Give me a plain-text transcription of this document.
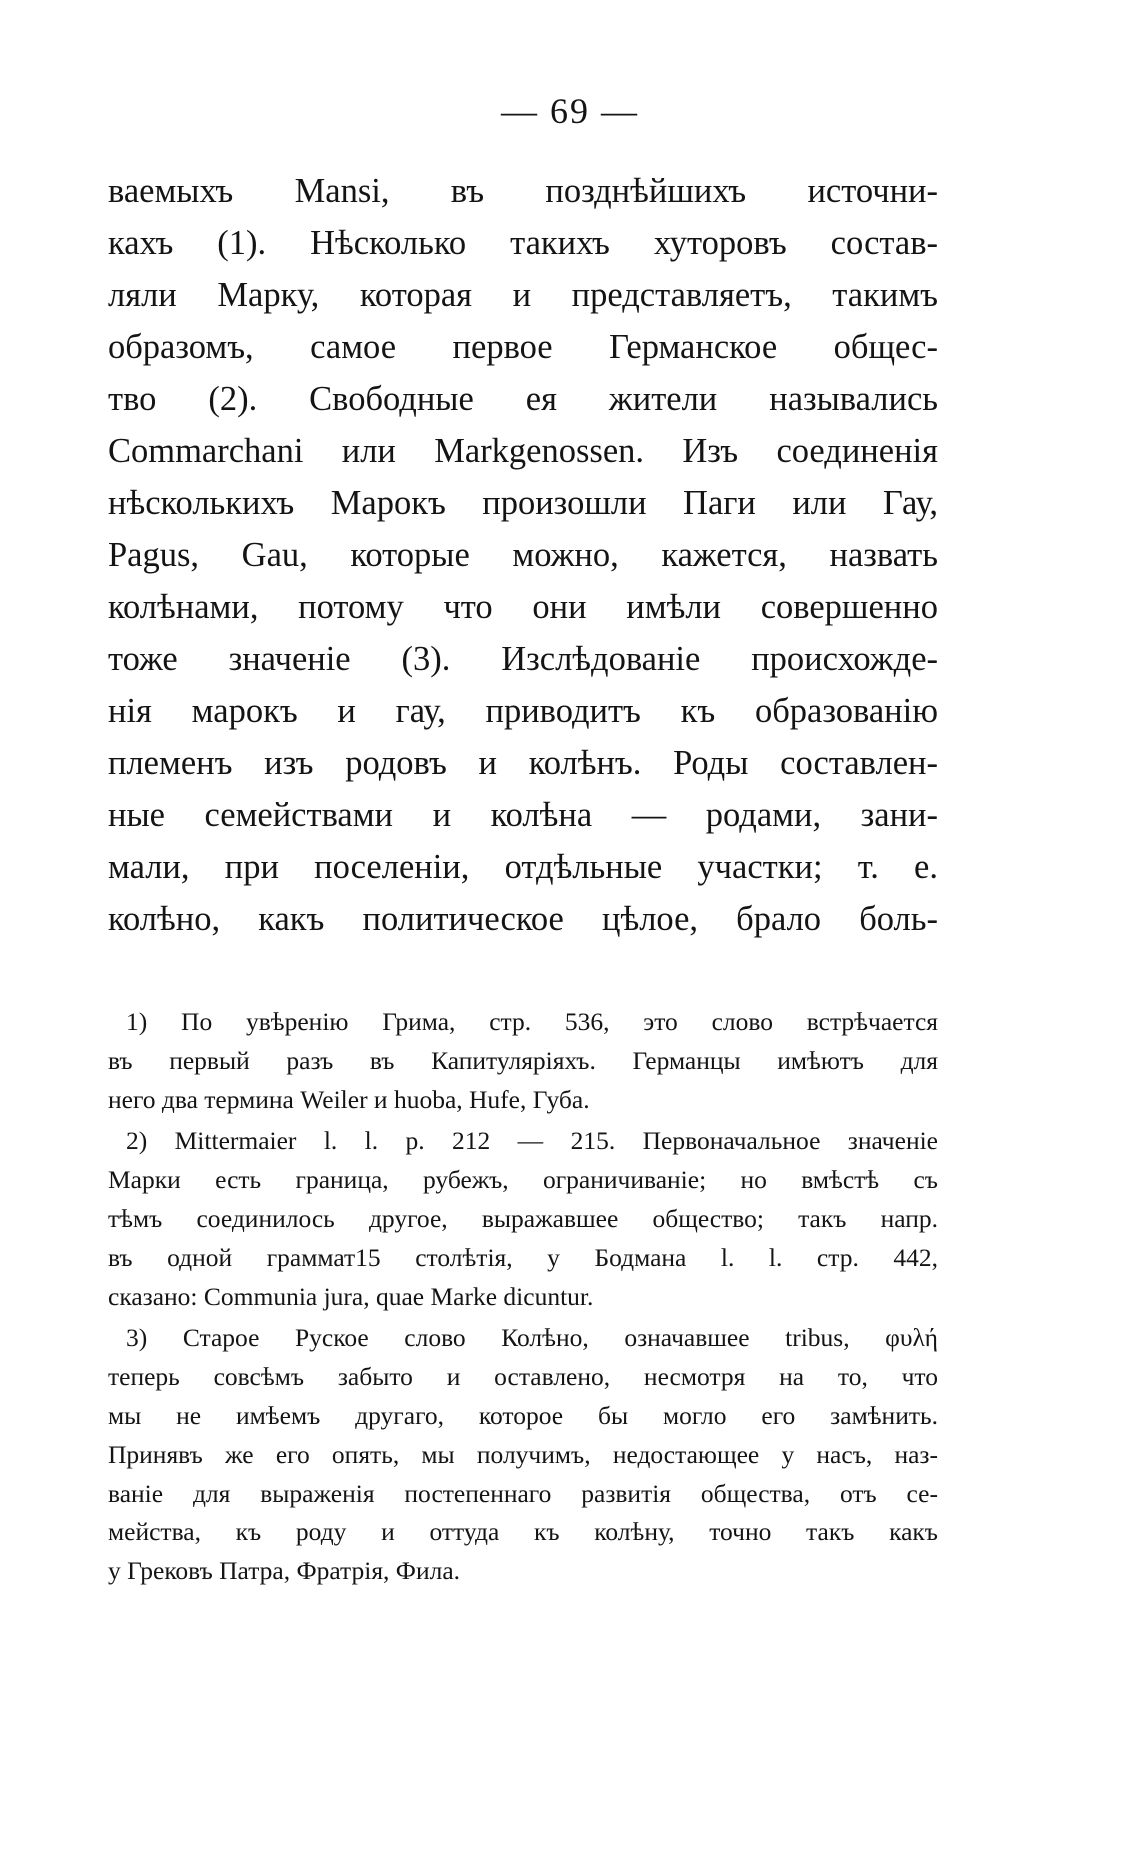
— 69 —
ваемыхъ Mansi, въ позднѣйшихъ источни-
кахъ (1). Нѣсколько такихъ хуторовъ состав-
ляли Марку, которая и представляетъ, такимъ
образомъ, самое первое Германское общес-
тво (2). Свободные ея жители назывались
Commarchani или Markgenossen. Изъ соединенія
нѣсколькихъ Марокъ произошли Паги или Гау,
Pagus, Gau, которые можно, кажется, назвать
колѣнами, потому что они имѣли совершенно
тоже значеніе (3). Изслѣдованіе происхожде-
нія марокъ и гау, приводитъ къ образованію
племенъ изъ родовъ и колѣнъ. Роды составлен-
ные семействами и колѣна — родами, зани-
мали, при поселеніи, отдѣльные участки; т. е.
колѣно, какъ политическое цѣлое, брало боль-
1) По увѣренію Грима, стр. 536, это слово встрѣчается
въ первый разъ въ Капитуляріяхъ. Германцы имѣютъ для
него два термина Weiler и huoba, Hufe, Губа.
2) Mittermaier l. l. p. 212 — 215. Первоначальное значеніе
Марки есть граница, рубежъ, ограничиваніе; но вмѣстѣ съ
тѣмъ соединилось другое, выражавшее общество; такъ напр.
въ одной граммат15 столѣтія, у Бодмана l. l. стр. 442,
сказано: Communia jura, quae Marke dicuntur.
3) Старое Руское слово Колѣно, означавшее tribus, φυλή
теперь совсѣмъ забыто и оставлено, несмотря на то, что
мы не имѣемъ другаго, которое бы могло его замѣнить.
Принявъ же его опять, мы получимъ, недостающее у насъ, наз-
ваніе для выраженія постепеннаго развитія общества, отъ се-
мейства, къ роду и оттуда къ колѣну, точно такъ какъ
у Грековъ Патра, Фратрія, Фила.
